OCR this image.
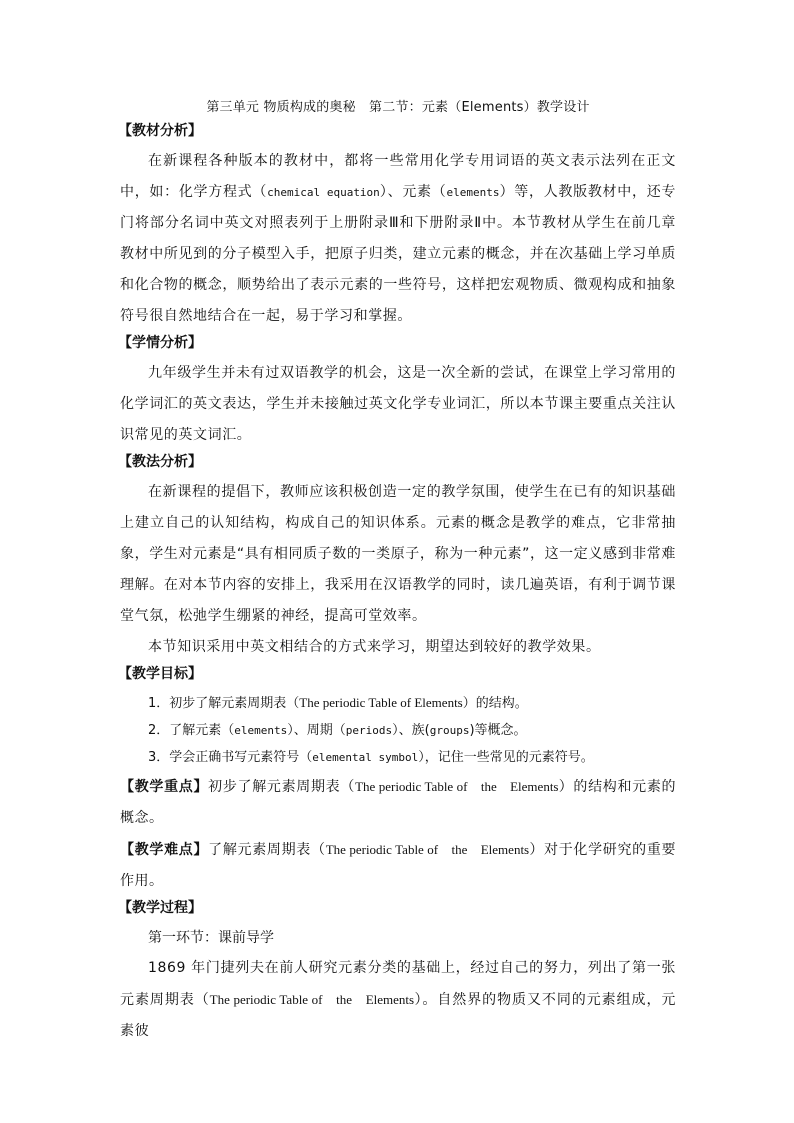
第三单元 物质构成的奥秘　第二节：元素（Elements）教学设计
【教材分析】

在新课程各种版本的教材中，都将一些常用化学专用词语的英文表示法列在正文中，如：化学方程式（chemical equation）、元素（elements）等，人教版教材中，还专门将部分名词中英文对照表列于上册附录Ⅲ和下册附录Ⅱ中。本节教材从学生在前几章教材中所见到的分子模型入手，把原子归类，建立元素的概念，并在次基础上学习单质和化合物的概念，顺势给出了表示元素的一些符号，这样把宏观物质、微观构成和抽象符号很自然地结合在一起，易于学习和掌握。

【学情分析】

九年级学生并未有过双语教学的机会，这是一次全新的尝试，在课堂上学习常用的化学词汇的英文表达，学生并未接触过英文化学专业词汇，所以本节课主要重点关注认识常见的英文词汇。

【教法分析】

在新课程的提倡下，教师应该积极创造一定的教学氛围，使学生在已有的知识基础上建立自己的认知结构，构成自己的知识体系。元素的概念是教学的难点，它非常抽象，学生对元素是“具有相同质子数的一类原子，称为一种元素”，这一定义感到非常难理解。在对本节内容的安排上，我采用在汉语教学的同时，读几遍英语，有利于调节课堂气氛，松弛学生绷紧的神经，提高可堂效率。

本节知识采用中英文相结合的方式来学习，期望达到较好的教学效果。

【教学目标】

1．初步了解元素周期表（The periodic Table of Elements）的结构。

2．了解元素（elements）、周期（periods）、族(groups)等概念。

3．学会正确书写元素符号（elemental symbol），记住一些常见的元素符号。

【教学重点】初步了解元素周期表（The periodic Table of　the　Elements）的结构和元素的概念。

【教学难点】了解元素周期表（The periodic Table of　the　Elements）对于化学研究的重要作用。

【教学过程】

第一环节：课前导学

1869 年门捷列夫在前人研究元素分类的基础上，经过自己的努力，列出了第一张元素周期表（The periodic Table of　the　Elements）。自然界的物质又不同的元素组成，元素彼
